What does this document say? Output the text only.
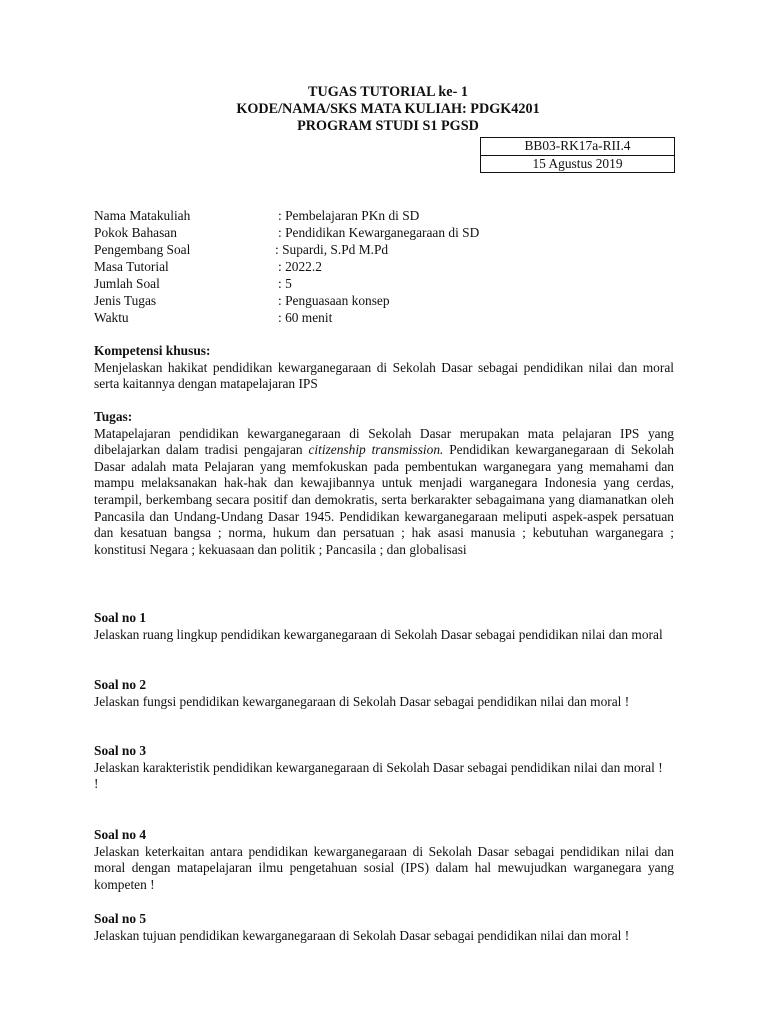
TUGAS TUTORIAL ke- 1
KODE/NAMA/SKS MATA KULIAH: PDGK4201
PROGRAM STUDI S1 PGSD
BB03-RK17a-RII.4
15 Agustus 2019
Nama Matakuliah	: Pembelajaran PKn di SD
Pokok Bahasan	: Pendidikan Kewarganegaraan di SD
Pengembang Soal	: Supardi, S.Pd M.Pd
Masa Tutorial	: 2022.2
Jumlah Soal	: 5
Jenis Tugas	: Penguasaan konsep
Waktu	: 60 menit
Kompetensi khusus:

Menjelaskan hakikat pendidikan kewarganegaraan di Sekolah Dasar sebagai pendidikan nilai dan moral serta kaitannya dengan matapelajaran IPS

Tugas:

Matapelajaran pendidikan kewarganegaraan di Sekolah Dasar merupakan mata pelajaran IPS yang dibelajarkan dalam tradisi pengajaran citizenship transmission. Pendidikan kewarganegaraan di Sekolah Dasar adalah mata Pelajaran yang memfokuskan pada pembentukan warganegara yang memahami dan mampu melaksanakan hak-hak dan kewajibannya untuk menjadi warganegara Indonesia yang cerdas, terampil, berkembang secara positif dan demokratis, serta berkarakter sebagaimana yang diamanatkan oleh Pancasila dan Undang-Undang Dasar 1945. Pendidikan kewarganegaraan meliputi aspek-aspek persatuan dan kesatuan bangsa ; norma, hukum dan persatuan ; hak asasi manusia ; kebutuhan warganegara ; konstitusi Negara ; kekuasaan dan politik ; Pancasila ; dan globalisasi

Soal no 1

Jelaskan ruang lingkup pendidikan kewarganegaraan di Sekolah Dasar sebagai pendidikan nilai dan moral

Soal no 2

Jelaskan fungsi pendidikan kewarganegaraan di Sekolah Dasar sebagai pendidikan nilai dan moral !

Soal no 3

Jelaskan karakteristik pendidikan kewarganegaraan di Sekolah Dasar sebagai pendidikan nilai dan moral !

!

Soal no 4

Jelaskan keterkaitan antara pendidikan kewarganegaraan di Sekolah Dasar sebagai pendidikan nilai dan moral dengan matapelajaran ilmu pengetahuan sosial (IPS) dalam hal mewujudkan warganegara yang kompeten !

Soal no 5

Jelaskan tujuan pendidikan kewarganegaraan di Sekolah Dasar sebagai pendidikan nilai dan moral !
